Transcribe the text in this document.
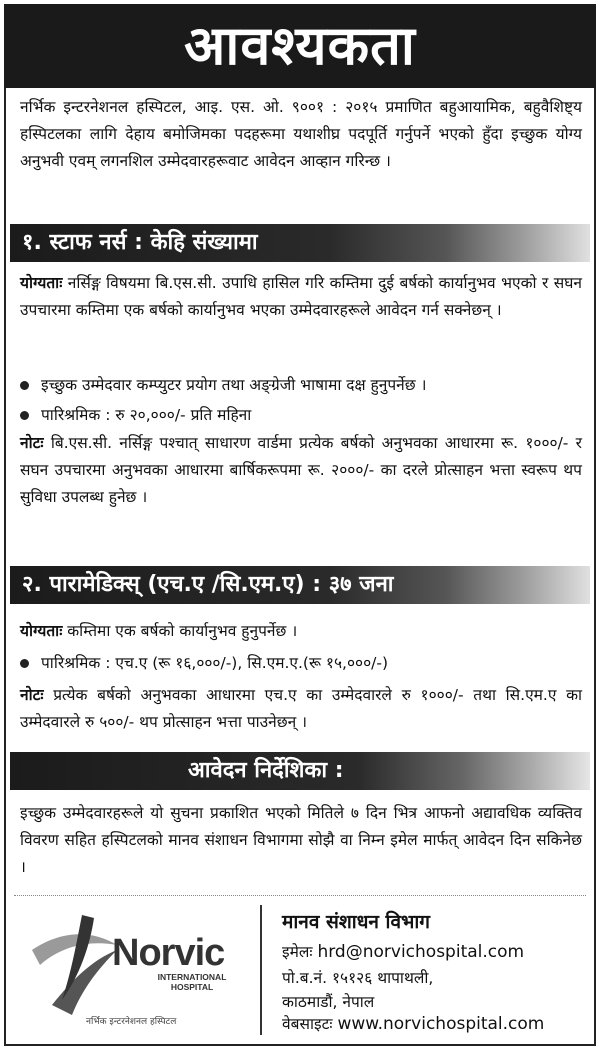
आवश्यकता

नर्भिक इन्टरनेशनल हस्पिटल, आइ. एस. ओ. ९००१ : २०१५ प्रमाणित बहुआयामिक, बहुवैशिष्ट्य हस्पिटलका लागि देहाय बमोजिमका पदहरूमा यथाशीघ्र पदपूर्ति गर्नुपर्ने भएको हुँदा इच्छुक योग्य अनुभवी एवम् लगनशिल उम्मेदवारहरूवाट आवेदन आव्हान गरिन्छ ।

१. स्टाफ नर्स : केहि संख्यामा

योग्यताः नर्सिङ्ग विषयमा बि.एस.सी. उपाधि हासिल गरि कम्तिमा दुई बर्षको कार्यानुभव भएको र सघन उपचारमा कम्तिमा एक बर्षको कार्यानुभव भएका उम्मेदवारहरूले आवेदन गर्न सक्नेछन् ।

इच्छुक उम्मेदवार कम्प्युटर प्रयोग तथा अङ्ग्रेजी भाषामा दक्ष हुनुपर्नेछ ।
पारिश्रमिक : रु २०,०००/- प्रति महिना

नोटः बि.एस.सी. नर्सिङ्ग पश्चात् साधारण वार्डमा प्रत्येक बर्षको अनुभवका आधारमा रू. १०००/- र सघन उपचारमा अनुभवका आधारमा बार्षिकरूपमा रू. २०००/- का दरले प्रोत्साहन भत्ता स्वरूप थप सुविधा उपलब्ध हुनेछ ।

२. पारामेडिक्स् (एच.ए /सि.एम.ए) : ३७ जना

योग्यताः कम्तिमा एक बर्षको कार्यानुभव हुनुपर्नेछ ।

पारिश्रमिक : एच.ए (रू १६,०००/-), सि.एम.ए.(रू १५,०००/-)

नोटः प्रत्येक बर्षको अनुभवका आधारमा एच.ए का उम्मेदवारले रु १०००/- तथा सि.एम.ए का उम्मेदवारले रु ५००/- थप प्रोत्साहन भत्ता पाउनेछन् ।

आवेदन निर्देशिका :

इच्छुक उम्मेदवारहरूले यो सुचना प्रकाशित भएको मितिले ७ दिन भित्र आफनो अद्यावधिक व्यक्तिव विवरण सहित हस्पिटलको मानव संशाधन विभागमा सोझै वा निम्न इमेल मार्फत् आवेदन दिन सकिनेछ ।

Norvic
INTERNATIONAL
HOSPITAL
नर्भिक इन्टरनेशनल हस्पिटल
मानव संशाधन विभाग
इमेलः hrd@norvichospital.com
पो.ब.नं. १५१२६ थापाथली,
काठमाडौं, नेपाल
वेबसाइटः www.norvichospital.com
